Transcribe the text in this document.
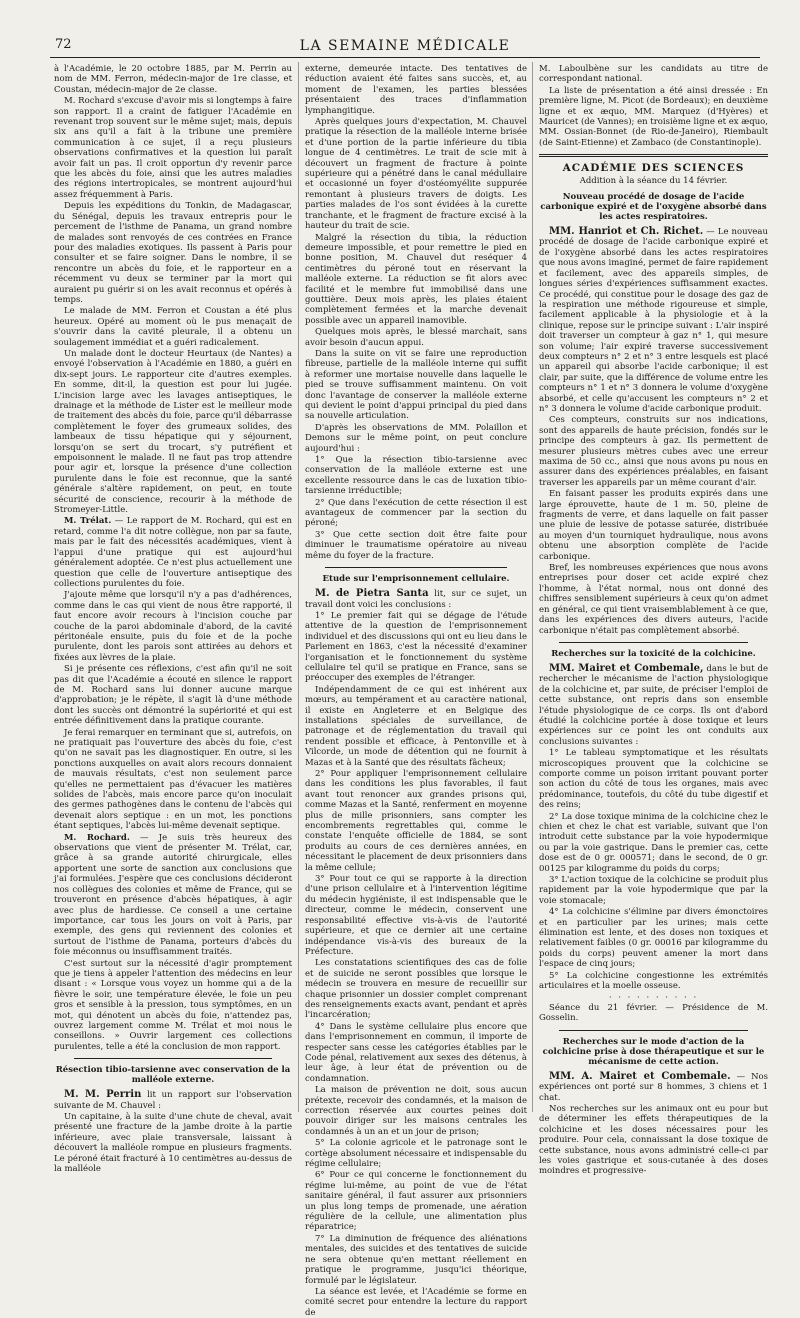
72	LA SEMAINE MÉDICALE

à l'Académie, le 20 octobre 1885, par M. Perrin au nom de MM. Ferron, médecin-major de 1re classe, et Coustan, médecin-major de 2e classe.

M. Rochard s'excuse d'avoir mis si longtemps à faire son rapport. Il a craint de fatiguer l'Académie en revenant trop souvent sur le même sujet; mais, depuis six ans qu'il a fait à la tribune une première communication à ce sujet, il a reçu plusieurs observations confirmatives et la question lui paraît avoir fait un pas. Il croit opportun d'y revenir parce que les abcès du foie, ainsi que les autres maladies des régions intertropicales, se montrent aujourd'hui assez fréquemment à Paris.

Depuis les expéditions du Tonkin, de Madagascar, du Sénégal, depuis les travaux entrepris pour le percement de l'isthme de Panama, un grand nombre de malades sont renvoyés de ces contrées en France pour des maladies exotiques. Ils passent à Paris pour consulter et se faire soigner. Dans le nombre, il se rencontre un abcès du foie, et le rapporteur en a récemment vu deux se terminer par la mort qui auraient pu guérir si on les avait reconnus et opérés à temps.

Le malade de MM. Ferron et Coustan a été plus heureux. Opéré au moment où le pus menaçait de s'ouvrir dans la cavité pleurale, il a obtenu un soulagement immédiat et a guéri radicalement.

Un malade dont le docteur Heurtaux (de Nantes) a envoyé l'observation à l'Académie en 1880, a guéri en dix-sept jours. Le rapporteur cite d'autres exemples. En somme, dit-il, la question est pour lui jugée. L'incision large avec les lavages antiseptiques, le drainage et la méthode de Lister est le meilleur mode de traitement des abcès du foie, parce qu'il débarrasse complètement le foyer des grumeaux solides, des lambeaux de tissu hépatique qui y séjournent, lorsqu'on se sert du trocart, s'y putréfient et empoisonnent le malade. Il ne faut pas trop attendre pour agir et, lorsque la présence d'une collection purulente dans le foie est reconnue, que la santé générale s'altère rapidement, on peut, en toute sécurité de conscience, recourir à la méthode de Stromeyer-Little.

M. Trélat. — Le rapport de M. Rochard, qui est en retard, comme l'a dit notre collègue, non par sa faute, mais par le fait des nécessités académiques, vient à l'appui d'une pratique qui est aujourd'hui généralement adoptée. Ce n'est plus actuellement une question que celle de l'ouverture antiseptique des collections purulentes du foie.

J'ajoute même que lorsqu'il n'y a pas d'adhérences, comme dans le cas qui vient de nous être rapporté, il faut encore avoir recours à l'incision couche par couche de la paroi abdominale d'abord, de la cavité péritonéale ensuite, puis du foie et de la poche purulente, dont les parois sont attirées au dehors et fixées aux lèvres de la plaie.

Si je présente ces réflexions, c'est afin qu'il ne soit pas dit que l'Académie a écouté en silence le rapport de M. Rochard sans lui donner aucune marque d'approbation; je le répète, il s'agit là d'une méthode dont les succès ont démontré la supériorité et qui est entrée définitivement dans la pratique courante.

Je ferai remarquer en terminant que si, autrefois, on ne pratiquait pas l'ouverture des abcès du foie, c'est qu'on ne savait pas les diagnostiquer. En outre, si les ponctions auxquelles on avait alors recours donnaient de mauvais résultats, c'est non seulement parce qu'elles ne permettaient pas d'évacuer les matières solides de l'abcès, mais encore parce qu'on inoculait des germes pathogènes dans le contenu de l'abcès qui devenait alors septique : en un mot, les ponctions étant septiques, l'abcès lui-même devenait septique.

M. Rochard. — Je suis très heureux des observations que vient de présenter M. Trélat, car, grâce à sa grande autorité chirurgicale, elles apportent une sorte de sanction aux conclusions que j'ai formulées. J'espère que ces conclusions décideront nos collègues des colonies et même de France, qui se trouveront en présence d'abcès hépatiques, à agir avec plus de hardiesse. Ce conseil a une certaine importance, car tous les jours on voit à Paris, par exemple, des gens qui reviennent des colonies et surtout de l'isthme de Panama, porteurs d'abcès du foie méconnus ou insuffisamment traités.

C'est surtout sur la nécessité d'agir promptement que je tiens à appeler l'attention des médecins en leur disant : « Lorsque vous voyez un homme qui a de la fièvre le soir, une température élevée, le foie un peu gros et sensible à la pression, tous symptômes, en un mot, qui dénotent un abcès du foie, n'attendez pas, ouvrez largement comme M. Trélat et moi nous le conseillons. » Ouvrir largement ces collections purulentes, telle a été la conclusion de mon rapport.

Résection tibio-tarsienne avec conservation de la malléole externe.

M. M. Perrin lit un rapport sur l'observation suivante de M. Chauvel :

Un capitaine, à la suite d'une chute de cheval, avait présenté une fracture de la jambe droite à la partie inférieure, avec plaie transversale, laissant à découvert la malléole rompue en plusieurs fragments. Le péroné était fracturé à 10 centimètres au-dessus de la malléole

externe, demeurée intacte. Des tentatives de réduction avaient été faites sans succès, et, au moment de l'examen, les parties blessées présentaient des traces d'inflammation lymphangitique.

Après quelques jours d'expectation, M. Chauvel pratique la résection de la malléole interne brisée et d'une portion de la partie inférieure du tibia longue de 4 centimètres. Le trait de scie mit à découvert un fragment de fracture à pointe supérieure qui a pénétré dans le canal médullaire et occasionné un foyer d'ostéomyélite suppurée remontant à plusieurs travers de doigts. Les parties malades de l'os sont évidées à la curette tranchante, et le fragment de fracture excisé à la hauteur du trait de scie.

Malgré la résection du tibia, la réduction demeure impossible, et pour remettre le pied en bonne position, M. Chauvel dut reséquer 4 centimètres du péroné tout en réservant la malléole externe. La réduction se fit alors avec facilité et le membre fut immobilisé dans une gouttière. Deux mois après, les plaies étaient complètement fermées et la marche devenait possible avec un appareil inamovible.

Quelques mois après, le blessé marchait, sans avoir besoin d'aucun appui.

Dans la suite on vit se faire une reproduction fibreuse, partielle de la malléole interne qui suffit à reformer une mortaise nouvelle dans laquelle le pied se trouve suffisamment maintenu. On voit donc l'avantage de conserver la malléole externe qui devient le point d'appui principal du pied dans sa nouvelle articulation.

D'après les observations de MM. Polaillon et Demons sur le même point, on peut conclure aujourd'hui :

1° Que la résection tibio-tarsienne avec conservation de la malléole externe est une excellente ressource dans le cas de luxation tibio-tarsienne irréductible;

2° Que dans l'exécution de cette résection il est avantageux de commencer par la section du péroné;

3° Que cette section doit être faite pour diminuer le traumatisme opératoire au niveau même du foyer de la fracture.

Etude sur l'emprisonnement cellulaire.

M. de Pietra Santa lit, sur ce sujet, un travail dont voici les conclusions :

1° Le premier fait qui se dégage de l'étude attentive de la question de l'emprisonnement individuel et des discussions qui ont eu lieu dans le Parlement en 1863, c'est la nécessité d'examiner l'organisation et le fonctionnement du système cellulaire tel qu'il se pratique en France, sans se préoccuper des exemples de l'étranger.

Indépendamment de ce qui est inhérent aux mœurs, au tempérament et au caractère national, il existe en Angleterre et en Belgique des installations spéciales de surveillance, de patronage et de réglementation du travail qui rendent possible et efficace, à Pentonville et à Vilcorde, un mode de détention qui ne fournit à Mazas et à la Santé que des résultats fâcheux;

2° Pour appliquer l'emprisonnement cellulaire dans les conditions les plus favorables, il faut avant tout renoncer aux grandes prisons qui, comme Mazas et la Santé, renferment en moyenne plus de mille prisonniers, sans compter les encombrements regrettables qui, comme le constate l'enquête officielle de 1884, se sont produits au cours de ces dernières années, en nécessitant le placement de deux prisonniers dans la même cellule;

3° Pour tout ce qui se rapporte à la direction d'une prison cellulaire et à l'intervention légitime du médecin hygiéniste, il est indispensable que le directeur, comme le médecin, conservent une responsabilité effective vis-à-vis de l'autorité supérieure, et que ce dernier ait une certaine indépendance vis-à-vis des bureaux de la Préfecture.

Les constatations scientifiques des cas de folie et de suicide ne seront possibles que lorsque le médecin se trouvera en mesure de recueillir sur chaque prisonnier un dossier complet comprenant des renseignements exacts avant, pendant et après l'incarcération;

4° Dans le système cellulaire plus encore que dans l'emprisonnement en commun, il importe de respecter sans cesse les catégories établies par le Code pénal, relativement aux sexes des détenus, à leur âge, à leur état de prévention ou de condamnation.

La maison de prévention ne doit, sous aucun prétexte, recevoir des condamnés, et la maison de correction réservée aux courtes peines doit pouvoir diriger sur les maisons centrales les condamnés à un an et un jour de prison;

5° La colonie agricole et le patronage sont le cortège absolument nécessaire et indispensable du régime cellulaire;

6° Pour ce qui concerne le fonctionnement du régime lui-même, au point de vue de l'état sanitaire général, il faut assurer aux prisonniers un plus long temps de promenade, une aération régulière de la cellule, une alimentation plus réparatrice;

7° La diminution de fréquence des aliénations mentales, des suicides et des tentatives de suicide ne sera obtenue qu'en mettant réellement en pratique le programme, jusqu'ici théorique, formulé par le législateur.

La séance est levée, et l'Académie se forme en comité secret pour entendre la lecture du rapport de

M. Laboulbène sur les candidats au titre de correspondant national.

La liste de présentation a été ainsi dressée : En première ligne, M. Picot (de Bordeaux); en deuxième ligne et ex æquo, MM. Marquez (d'Hyères) et Mauricet (de Vannes); en troisième ligne et ex æquo, MM. Ossian-Bonnet (de Rio-de-Janeiro), Riembault (de Saint-Etienne) et Zambaco (de Constantinople).

ACADÉMIE DES SCIENCES
Addition à la séance du 14 février.
Nouveau procédé de dosage de l'acide carbonique expiré et de l'oxygène absorbé dans les actes respiratoires.

MM. Hanriot et Ch. Richet. — Le nouveau procédé de dosage de l'acide carbonique expiré et de l'oxygène absorbé dans les actes respiratoires que nous avons imaginé, permet de faire rapidement et facilement, avec des appareils simples, de longues séries d'expériences suffisamment exactes. Ce procédé, qui constitue pour le dosage des gaz de la respiration une méthode rigoureuse et simple, facilement applicable à la physiologie et à la clinique, repose sur le principe suivant : L'air inspiré doit traverser un compteur à gaz n° 1, qui mesure son volume; l'air expiré traverse successivement deux compteurs n° 2 et n° 3 entre lesquels est placé un appareil qui absorbe l'acide carbonique; il est clair, par suite, que la différence de volume entre les compteurs n° 1 et n° 3 donnera le volume d'oxygène absorbé, et celle qu'accusent les compteurs n° 2 et n° 3 donnera le volume d'acide carbonique produit.

Ces compteurs, construits sur nos indications, sont des appareils de haute précision, fondés sur le principe des compteurs à gaz. Ils permettent de mesurer plusieurs mètres cubes avec une erreur maxima de 50 cc., ainsi que nous avons pu nous en assurer dans des expériences préalables, en faisant traverser les appareils par un même courant d'air.

En faisant passer les produits expirés dans une large éprouvette, haute de 1 m. 50, pleine de fragments de verre, et dans laquelle on fait passer une pluie de lessive de potasse saturée, distribuée au moyen d'un tourniquet hydraulique, nous avons obtenu une absorption complète de l'acide carbonique.

Bref, les nombreuses expériences que nous avons entreprises pour doser cet acide expiré chez l'homme, à l'état normal, nous ont donné des chiffres sensiblement supérieurs à ceux qu'on admet en général, ce qui tient vraisemblablement à ce que, dans les expériences des divers auteurs, l'acide carbonique n'était pas complètement absorbé.

Recherches sur la toxicité de la colchicine.

MM. Mairet et Combemale, dans le but de rechercher le mécanisme de l'action physiologique de la colchicine et, par suite, de préciser l'emploi de cette substance, ont repris dans son ensemble l'étude physiologique de ce corps. Ils ont d'abord étudié la colchicine portée à dose toxique et leurs expériences sur ce point les ont conduits aux conclusions suivantes :

1° Le tableau symptomatique et les résultats microscopiques prouvent que la colchicine se comporte comme un poison irritant pouvant porter son action du côté de tous les organes, mais avec prédominance, toutefois, du côté du tube digestif et des reins;

2° La dose toxique minima de la colchicine chez le chien et chez le chat est variable, suivant que l'on introduit cette substance par la voie hypodermique ou par la voie gastrique. Dans le premier cas, cette dose est de 0 gr. 000571; dans le second, de 0 gr. 00125 par kilogramme du poids du corps;

3° L'action toxique de la colchicine se produit plus rapidement par la voie hypodermique que par la voie stomacale;

4° La colchicine s'élimine par divers émonctoires et en particulier par les urines; mais cette élimination est lente, et des doses non toxiques et relativement faibles (0 gr. 00016 par kilogramme du poids du corps) peuvent amener la mort dans l'espace de cinq jours;

5° La colchicine congestionne les extrémités articulaires et la moelle osseuse.

· · · · · · · · · ·

Séance du 21 février. — Présidence de M. Gosselin.

Recherches sur le mode d'action de la colchicine prise à dose thérapeutique et sur le mécanisme de cette action.

MM. A. Mairet et Combemale. — Nos expériences ont porté sur 8 hommes, 3 chiens et 1 chat.

Nos recherches sur les animaux ont eu pour but de déterminer les effets thérapeutiques de la colchicine et les doses nécessaires pour les produire. Pour cela, connaissant la dose toxique de cette substance, nous avons administré celle-ci par les voies gastrique et sous-cutanée à des doses moindres et progressive-
